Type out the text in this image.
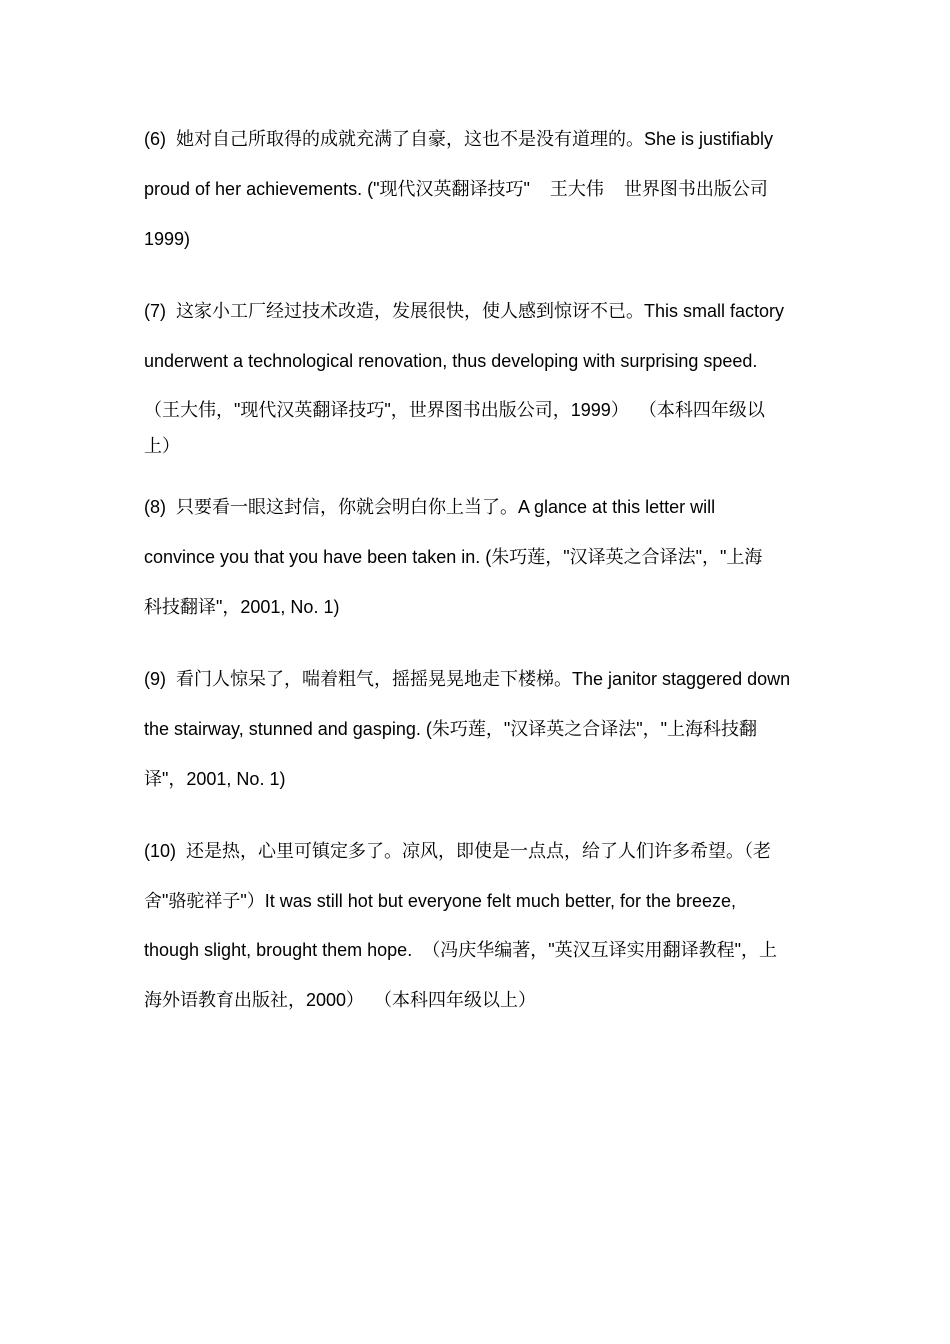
(6)  她对自己所取得的成就充满了自豪，这也不是没有道理的。She is justifiably
proud of her achievements. ("现代汉英翻译技巧"    王大伟    世界图书出版公司
1999)
(7)  这家小工厂经过技术改造，发展很快，使人感到惊讶不已。This small factory
underwent a technological renovation, thus developing with surprising speed.
（王大伟，"现代汉英翻译技巧"，世界图书出版公司，1999）  （本科四年级以
上）
(8)  只要看一眼这封信，你就会明白你上当了。A glance at this letter will
convince you that you have been taken in. (朱巧莲，"汉译英之合译法"，"上海
科技翻译"，2001, No. 1)
(9)  看门人惊呆了，喘着粗气，摇摇晃晃地走下楼梯。The janitor staggered down
the stairway, stunned and gasping. (朱巧莲，"汉译英之合译法"，"上海科技翻
译"，2001, No. 1)
(10)  还是热，心里可镇定多了。凉风，即使是一点点，给了人们许多希望。（老
舍"骆驼祥子"）It was still hot but everyone felt much better, for the breeze,
though slight, brought them hope.  （冯庆华编著，"英汉互译实用翻译教程"，上
海外语教育出版社，2000）  （本科四年级以上）
